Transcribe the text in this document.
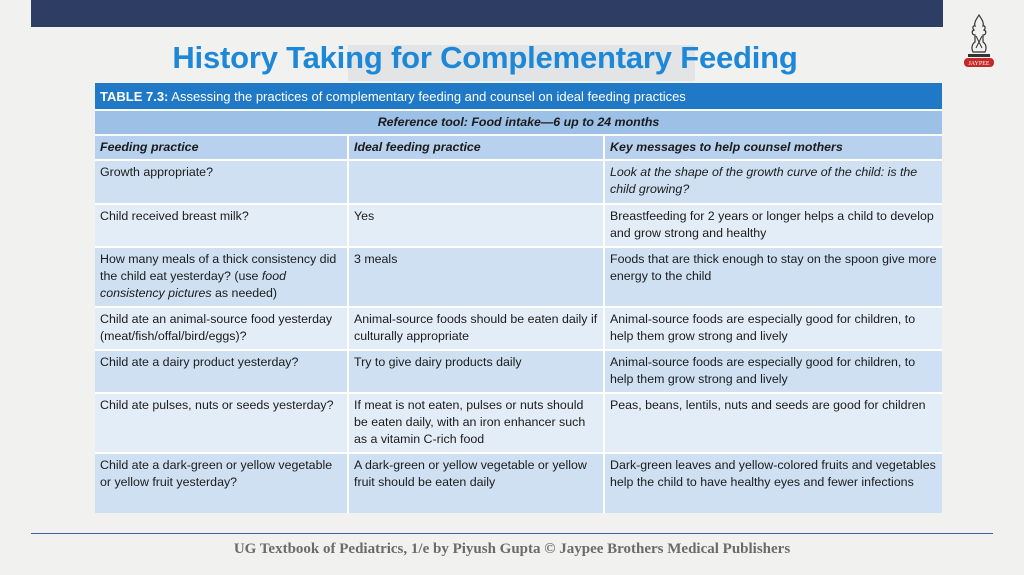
JAYPEE
History Taking for Complementary Feeding
TABLE 7.3: Assessing the practices of complementary feeding and counsel on ideal feeding practices		
Reference tool: Food intake—6 up to 24 months		
Feeding practice	Ideal feeding practice	Key messages to help counsel mothers
Growth appropriate?		Look at the shape of the growth curve of the child: is the child growing?
Child received breast milk?	Yes	Breastfeeding for 2 years or longer helps a child to develop and grow strong and healthy
How many meals of a thick consistency did the child eat yesterday? (use food consistency pictures as needed)	3 meals	Foods that are thick enough to stay on the spoon give more energy to the child
Child ate an animal-source food yesterday (meat/fish/offal/bird/eggs)?	Animal-source foods should be eaten daily if culturally appropriate	Animal-source foods are especially good for children, to help them grow strong and lively
Child ate a dairy product yesterday?	Try to give dairy products daily	Animal-source foods are especially good for children, to help them grow strong and lively
Child ate pulses, nuts or seeds yesterday?	If meat is not eaten, pulses or nuts should be eaten daily, with an iron enhancer such as a vitamin C-rich food	Peas, beans, lentils, nuts and seeds are good for children
Child ate a dark-green or yellow vegetable or yellow fruit yesterday?	A dark-green or yellow vegetable or yellow fruit should be eaten daily	Dark-green leaves and yellow-colored fruits and vegetables help the child to have healthy eyes and fewer infections
UG Textbook of Pediatrics, 1/e by Piyush Gupta © Jaypee Brothers Medical Publishers
